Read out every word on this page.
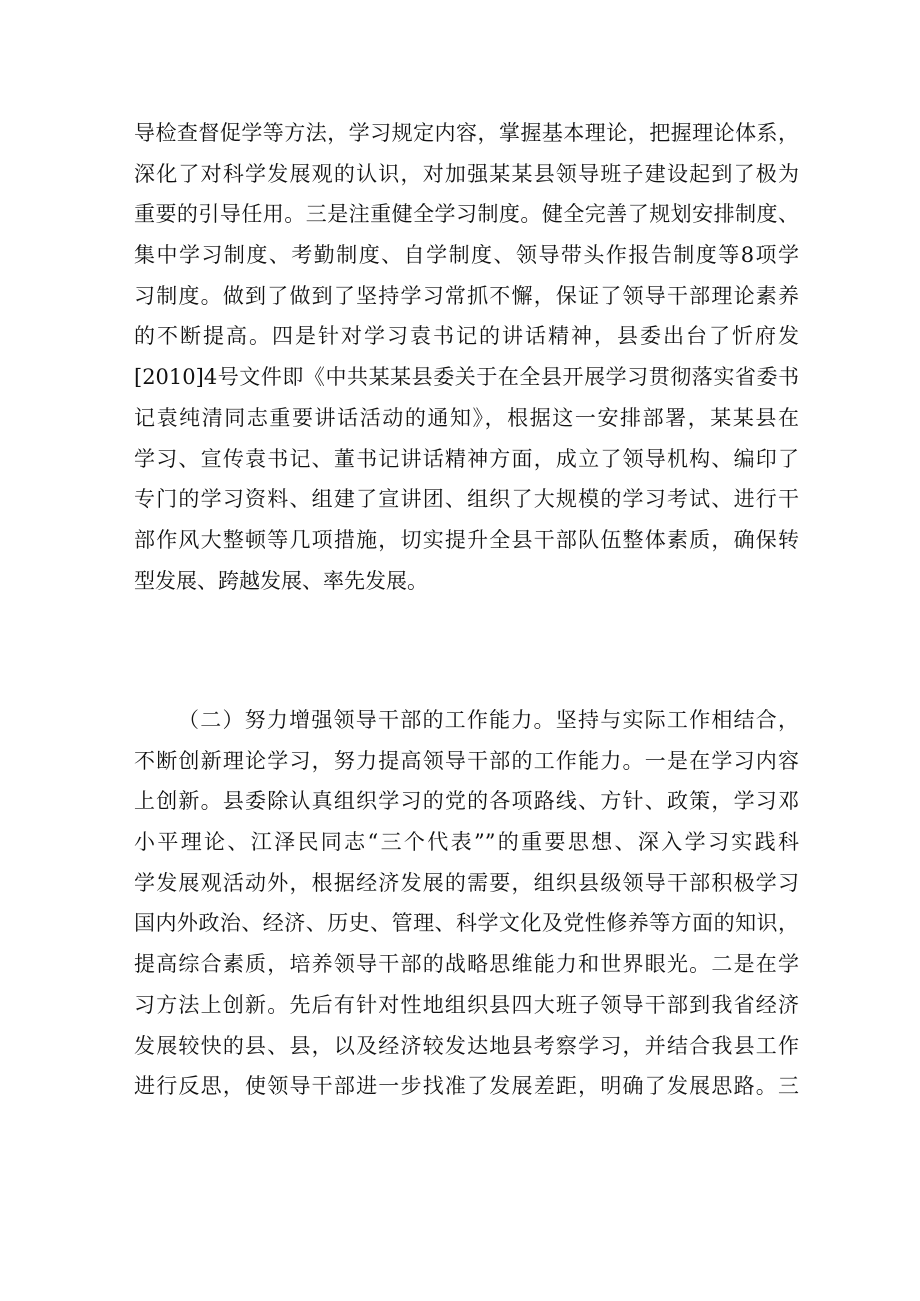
导检查督促学等方法，学习规定内容，掌握基本理论，把握理论体系，
深化了对科学发展观的认识，对加强某某县领导班子建设起到了极为
重要的引导任用。三是注重健全学习制度。健全完善了规划安排制度、
集中学习制度、考勤制度、自学制度、领导带头作报告制度等8项学
习制度。做到了做到了坚持学习常抓不懈，保证了领导干部理论素养
的不断提高。四是针对学习袁书记的讲话精神，县委出台了忻府发
[2010]4号文件即《中共某某县委关于在全县开展学习贯彻落实省委书
记袁纯清同志重要讲话活动的通知》，根据这一安排部署，某某县在
学习、宣传袁书记、董书记讲话精神方面，成立了领导机构、编印了
专门的学习资料、组建了宣讲团、组织了大规模的学习考试、进行干
部作风大整顿等几项措施，切实提升全县干部队伍整体素质，确保转
型发展、跨越发展、率先发展。
（二）努力增强领导干部的工作能力。坚持与实际工作相结合，
不断创新理论学习，努力提高领导干部的工作能力。一是在学习内容
上创新。县委除认真组织学习的党的各项路线、方针、政策，学习邓
小平理论、江泽民同志“三个代表””的重要思想、深入学习实践科
学发展观活动外，根据经济发展的需要，组织县级领导干部积极学习
国内外政治、经济、历史、管理、科学文化及党性修养等方面的知识，
提高综合素质，培养领导干部的战略思维能力和世界眼光。二是在学
习方法上创新。先后有针对性地组织县四大班子领导干部到我省经济
发展较快的县、县，以及经济较发达地县考察学习，并结合我县工作
进行反思，使领导干部进一步找准了发展差距，明确了发展思路。三
